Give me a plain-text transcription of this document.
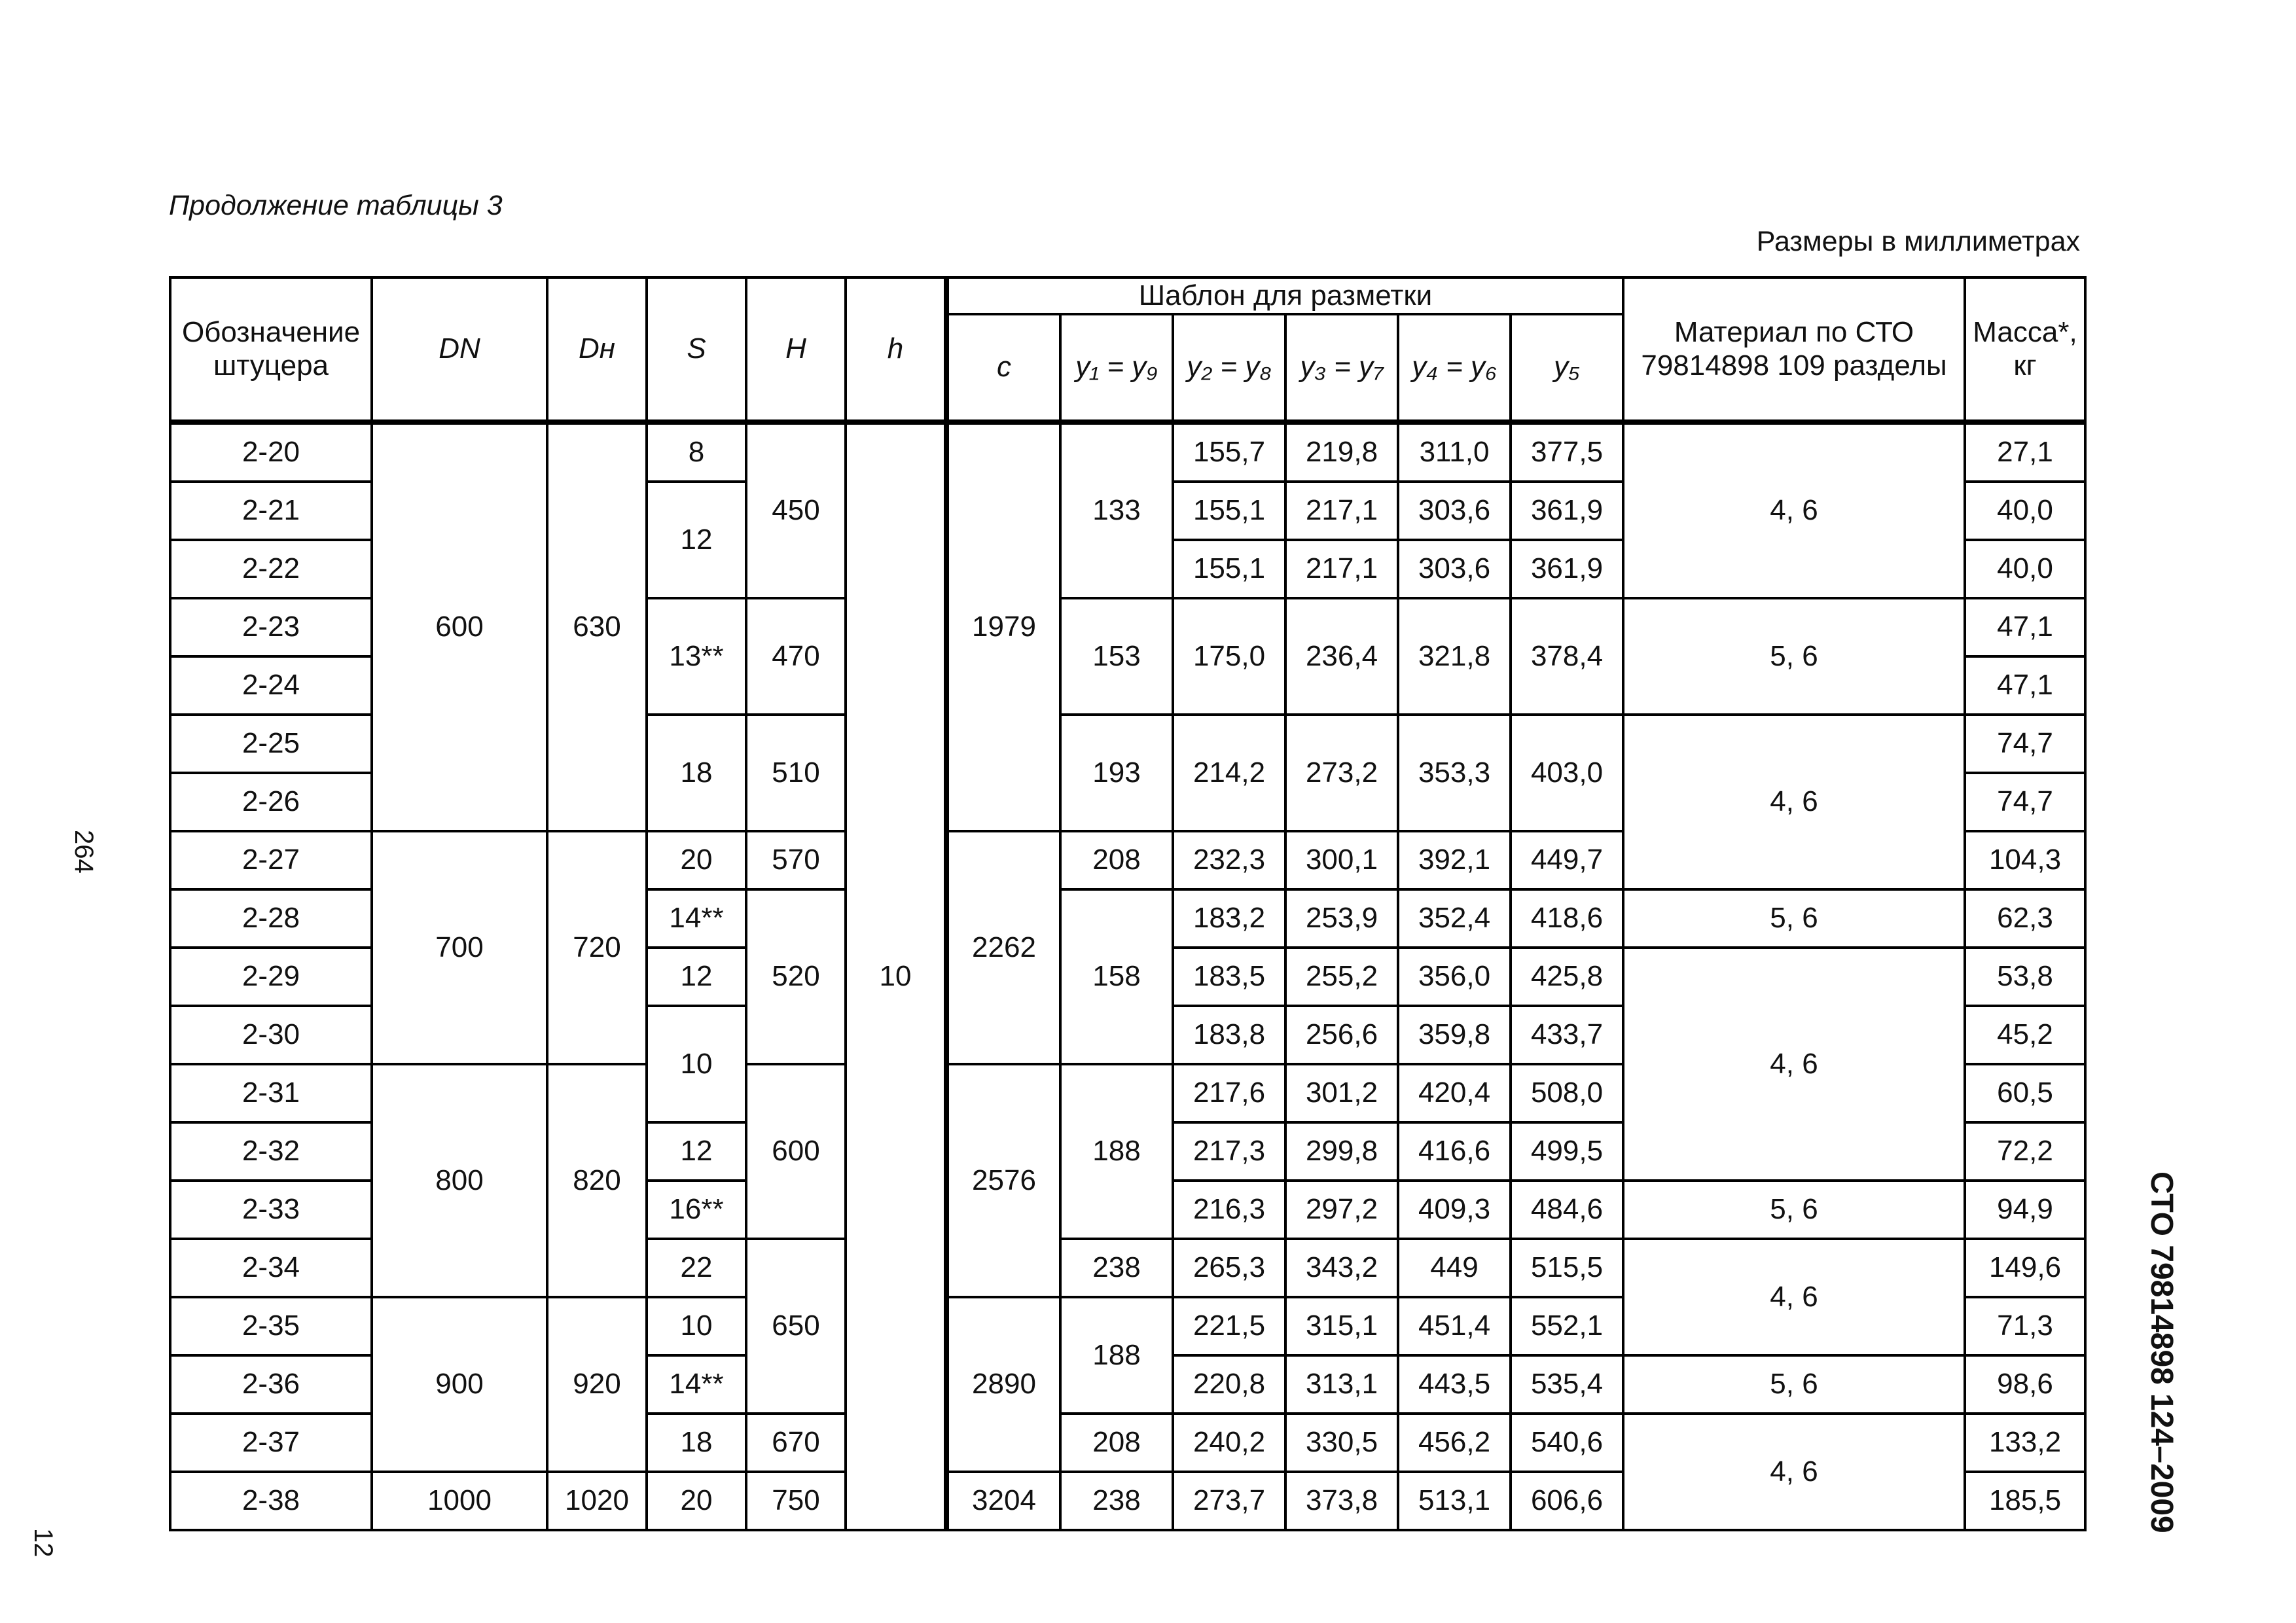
Продолжение таблицы 3
Размеры в миллиметрах
264
12
СТО 79814898 124–2009
Обозначение штуцера	DN	Dн	S	H	h		Шаблон для разметки						Материал по СТО 79814898 109 разделы	Масса*, кг
							c	y₁ = y₉	y₂ = y₈	y₃ = y₇	y₄ = y₆	y₅		
2-20	600	630	8	450	10		1979	133	155,7	219,8	311,0	377,5	4, 6	27,1
2-21			12						155,1	217,1	303,6	361,9		40,0
2-22									155,1	217,1	303,6	361,9		40,0
2-23			13**	470				153	175,0	236,4	321,8	378,4	5, 6	47,1
2-24														47,1
2-25			18	510				193	214,2	273,2	353,3	403,0	4, 6	74,7
2-26														74,7
2-27	700	720	20	570			2262	208	232,3	300,1	392,1	449,7		104,3
2-28			14**	520				158	183,2	253,9	352,4	418,6	5, 6	62,3
2-29			12						183,5	255,2	356,0	425,8	4, 6	53,8
2-30			10						183,8	256,6	359,8	433,7		45,2
2-31	800	820		600			2576	188	217,6	301,2	420,4	508,0		60,5
2-32			12						217,3	299,8	416,6	499,5		72,2
2-33			16**						216,3	297,2	409,3	484,6	5, 6	94,9
2-34			22	650				238	265,3	343,2	449	515,5	4, 6	149,6
2-35	900	920	10				2890	188	221,5	315,1	451,4	552,1		71,3
2-36			14**						220,8	313,1	443,5	535,4	5, 6	98,6
2-37			18	670				208	240,2	330,5	456,2	540,6	4, 6	133,2
2-38	1000	1020	20	750			3204	238	273,7	373,8	513,1	606,6		185,5
